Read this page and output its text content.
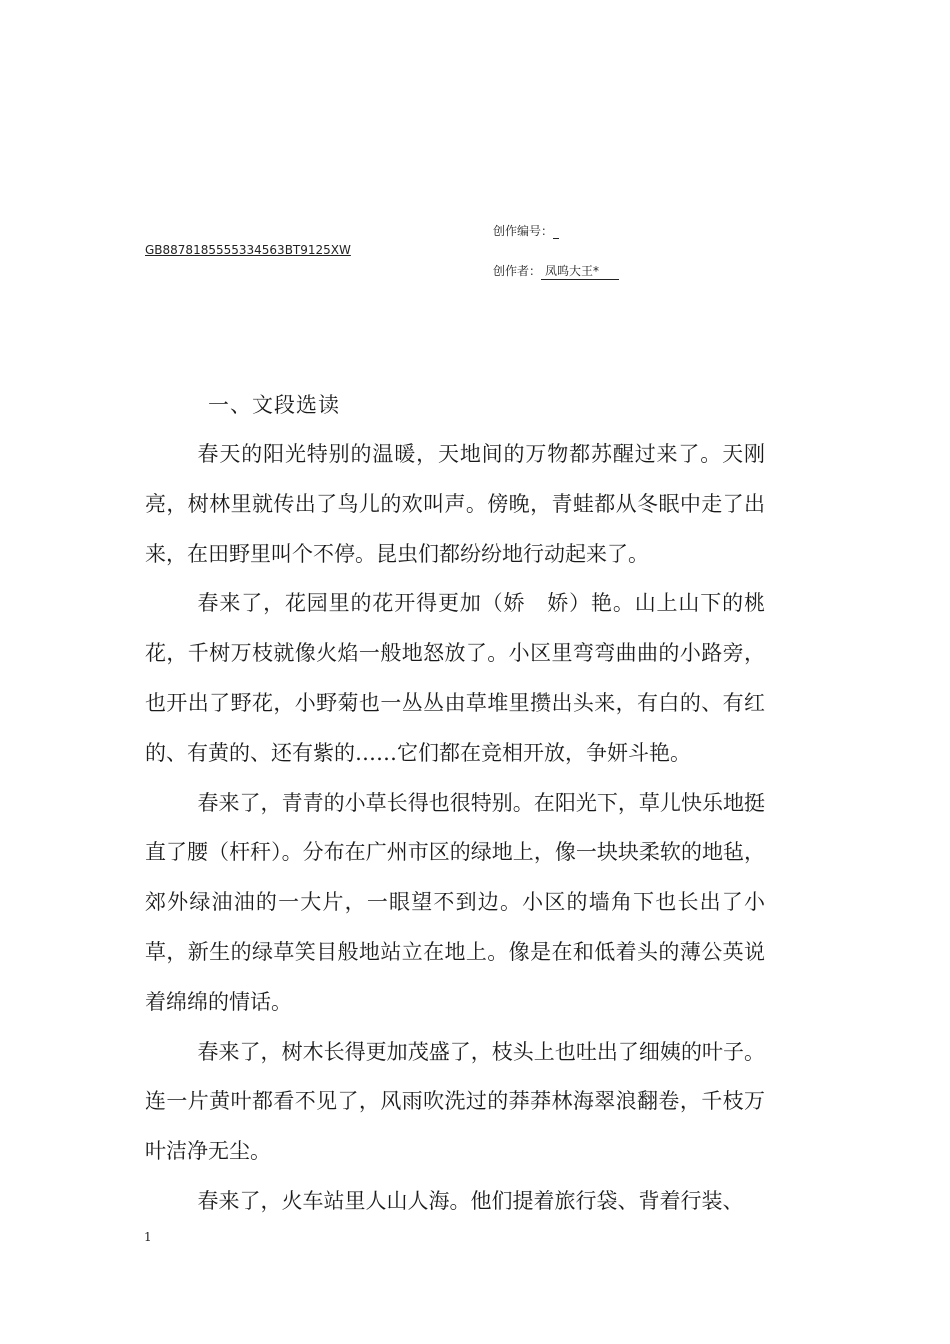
创作编号：
GB8878185555334563BT9125XW
创作者： 凤呜大王*
一、文段选读

春天的阳光特别的温暖，天地间的万物都苏醒过来了。天刚亮，树林里就传出了鸟儿的欢叫声。傍晚，青蛙都从冬眠中走了出来，在田野里叫个不停。昆虫们都纷纷地行动起来了。

春来了，花园里的花开得更加（娇　娇）艳。山上山下的桃花，千树万枝就像火焰一般地怒放了。小区里弯弯曲曲的小路旁，也开出了野花，小野菊也一丛丛由草堆里攒出头来，有白的、有红的、有黄的、还有紫的……它们都在竞相开放，争妍斗艳。

春来了，青青的小草长得也很特别。在阳光下，草儿快乐地挺直了腰（杆秆）。分布在广州市区的绿地上，像一块块柔软的地毡，郊外绿油油的一大片，一眼望不到边。小区的墙角下也长出了小草，新生的绿草笑目般地站立在地上。像是在和低着头的薄公英说着绵绵的情话。

春来了，树木长得更加茂盛了，枝头上也吐出了细姨的叶子。连一片黄叶都看不见了，风雨吹洗过的莽莽林海翠浪翻卷，千枝万叶洁净无尘。

春来了，火车站里人山人海。他们提着旅行袋、背着行装、

1
